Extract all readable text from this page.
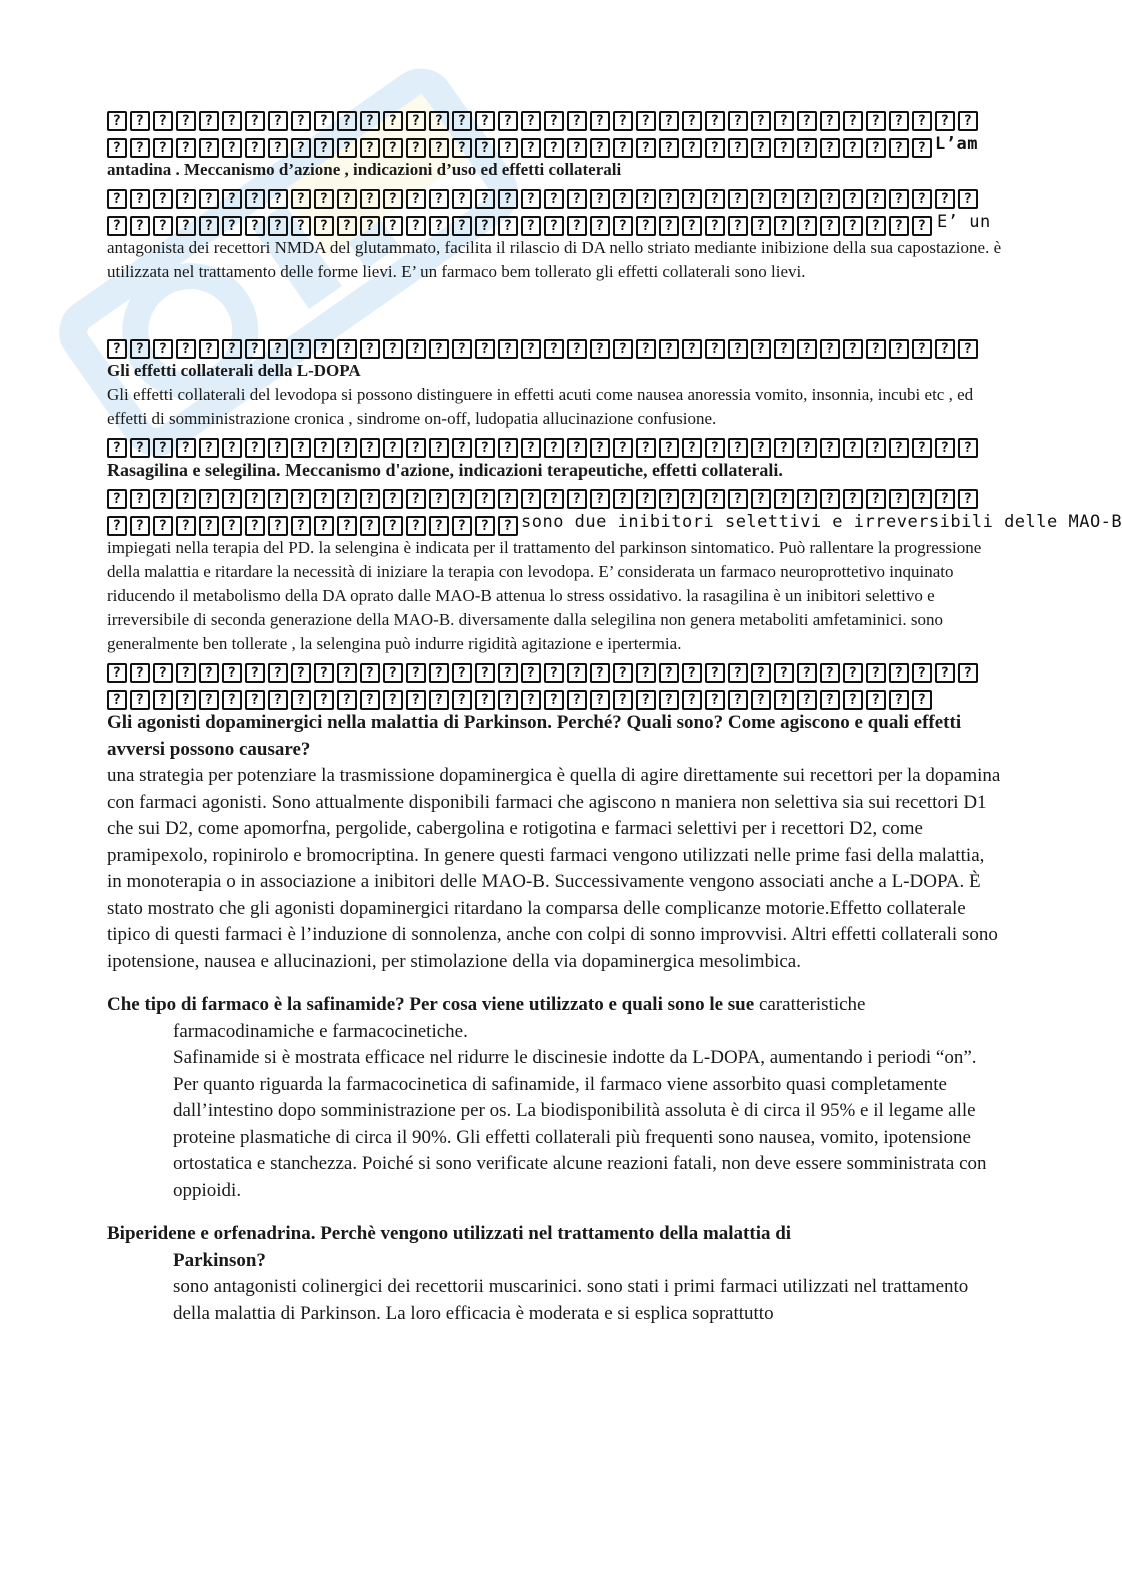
? ? ? ? ? ? ? ? ? ? ? ? ? ? ? ? ? ? ? ? ? ? ? ? ? ? ? ? ? ? ? ? ? ? ? ? ? ?
? ? ? ? ? ? ? ? ? ? ? ? ? ? ? ? ? ? ? ? ? ? ? ? ? ? ? ? ? ? ? ? ? ? ? ? L’am

antadina . Meccanismo d’azione , indicazioni d’uso ed effetti collaterali

? ? ? ? ? ? ? ? ? ? ? ? ? ? ? ? ? ? ? ? ? ? ? ? ? ? ? ? ? ? ? ? ? ? ? ? ? ?
? ? ? ? ? ? ? ? ? ? ? ? ? ? ? ? ? ? ? ? ? ? ? ? ? ? ? ? ? ? ? ? ? ? ? ? E’ un

antagonista dei recettori NMDA del glutammato, facilita il rilascio di DA nello striato mediante inibizione della sua capostazione. è utilizzata nel trattamento delle forme lievi. E’ un farmaco bem tollerato gli effetti collaterali sono lievi.

? ? ? ? ? ? ? ? ? ? ? ? ? ? ? ? ? ? ? ? ? ? ? ? ? ? ? ? ? ? ? ? ? ? ? ? ? ?

Gli effetti collaterali della L-DOPA

Gli effetti collaterali del levodopa si possono distinguere in effetti acuti come nausea anoressia vomito, insonnia, incubi etc , ed effetti di somministrazione cronica , sindrome on-off, ludopatia allucinazione confusione.

? ? ? ? ? ? ? ? ? ? ? ? ? ? ? ? ? ? ? ? ? ? ? ? ? ? ? ? ? ? ? ? ? ? ? ? ? ?

Rasagilina e selegilina. Meccanismo d'azione, indicazioni terapeutiche, effetti collaterali.

? ? ? ? ? ? ? ? ? ? ? ? ? ? ? ? ? ? ? ? ? ? ? ? ? ? ? ? ? ? ? ? ? ? ? ? ? ?
? ? ? ? ? ? ? ? ? ? ? ? ? ? ? ? ? ? sono due inibitori selettivi e irreversibili delle MAO-B

impiegati nella terapia del PD. la selengina è indicata per il trattamento del parkinson sintomatico. Può rallentare la progressione della malattia e ritardare la necessità di iniziare la terapia con levodopa. E’ considerata un farmaco neuroprottetivo inquinato riducendo il metabolismo della DA oprato dalle MAO-B attenua lo stress ossidativo. la rasagilina è un inibitori selettivo e irreversibile di seconda generazione della MAO-B. diversamente dalla selegilina non genera metaboliti amfetaminici. sono generalmente ben tollerate , la selengina può indurre rigidità agitazione e ipertermia.

? ? ? ? ? ? ? ? ? ? ? ? ? ? ? ? ? ? ? ? ? ? ? ? ? ? ? ? ? ? ? ? ? ? ? ? ? ?
? ? ? ? ? ? ? ? ? ? ? ? ? ? ? ? ? ? ? ? ? ? ? ? ? ? ? ? ? ? ? ? ? ? ? ?

Gli agonisti dopaminergici nella malattia di Parkinson. Perché? Quali sono? Come agiscono e quali effetti avversi possono causare?

una strategia per potenziare la trasmissione dopaminergica è quella di agire direttamente sui recettori per la dopamina con farmaci agonisti. Sono attualmente disponibili farmaci che agiscono n maniera non selettiva sia sui recettori D1 che sui D2, come apomorfna, pergolide, cabergolina e rotigotina e farmaci selettivi per i recettori D2, come pramipexolo, ropinirolo e bromocriptina. In genere questi farmaci vengono utilizzati nelle prime fasi della malattia, in monoterapia o in associazione a inibitori delle MAO-B. Successivamente vengono associati anche a L-DOPA. È stato mostrato che gli agonisti dopaminergici ritardano la comparsa delle complicanze motorie.Effetto collaterale tipico di questi farmaci è l’induzione di sonnolenza, anche con colpi di sonno improvvisi. Altri effetti collaterali sono ipotensione, nausea e allucinazioni, per stimolazione della via dopaminergica mesolimbica.

Che tipo di farmaco è la safinamide? Per cosa viene utilizzato e quali sono le sue caratteristiche

farmacodinamiche e farmacocinetiche.

Safinamide si è mostrata efficace nel ridurre le discinesie indotte da L-DOPA, aumentando i periodi “on”. Per quanto riguarda la farmacocinetica di safinamide, il farmaco viene assorbito quasi completamente dall’intestino dopo somministrazione per os. La biodisponibilità assoluta è di circa il 95% e il legame alle proteine plasmatiche di circa il 90%. Gli effetti collaterali più frequenti sono nausea, vomito, ipotensione ortostatica e stanchezza. Poiché si sono verificate alcune reazioni fatali, non deve essere somministrata con oppioidi.

Biperidene e orfenadrina. Perchè vengono utilizzati nel trattamento della malattia di

Parkinson?

sono antagonisti colinergici dei recettorii muscarinici. sono stati i primi farmaci utilizzati nel trattamento della malattia di Parkinson. La loro efficacia è moderata e si esplica soprattutto
